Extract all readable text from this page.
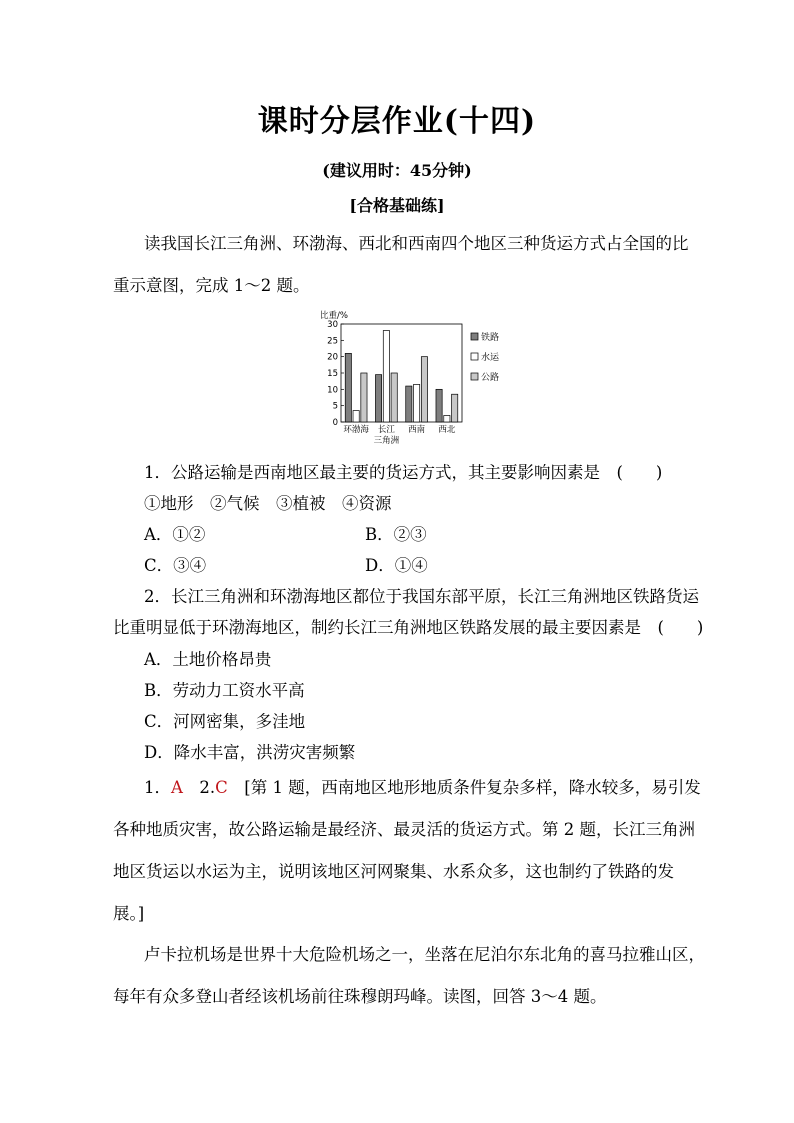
课时分层作业(十四)
(建议用时：45分钟)
[合格基础练]
读我国长江三角洲、环渤海、西北和西南四个地区三种货运方式占全国的比
重示意图，完成 1～2 题。
比重/%
0
5
10
15
20
25
30
环渤海 长江
三角洲
西南 西北
铁路
水运
公路
1．公路运输是西南地区最主要的货运方式，其主要影响因素是　(　　)
①地形　②气候　③植被　④资源
A．①②	B．②③
C．③④	D．①④
2．长江三角洲和环渤海地区都位于我国东部平原，长江三角洲地区铁路货运
比重明显低于环渤海地区，制约长江三角洲地区铁路发展的最主要因素是　(　　)
A．土地价格昂贵
B．劳动力工资水平高
C．河网密集，多洼地
D．降水丰富，洪涝灾害频繁
1．A　2.C　[第 1 题，西南地区地形地质条件复杂多样，降水较多，易引发
各种地质灾害，故公路运输是最经济、最灵活的货运方式。第 2 题，长江三角洲
地区货运以水运为主，说明该地区河网聚集、水系众多，这也制约了铁路的发
展。]
卢卡拉机场是世界十大危险机场之一，坐落在尼泊尔东北角的喜马拉雅山区，
每年有众多登山者经该机场前往珠穆朗玛峰。读图，回答 3～4 题。
